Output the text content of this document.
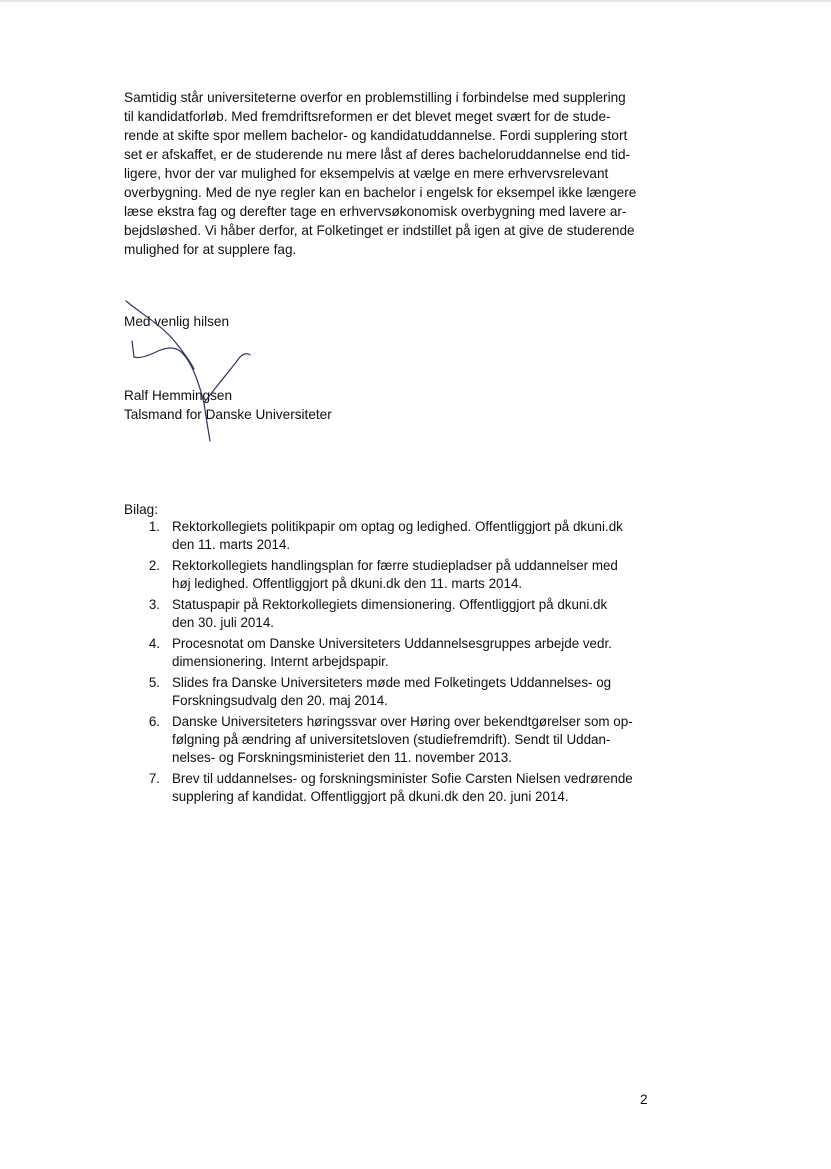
Samtidig står universiteterne overfor en problemstilling i forbindelse med supplering
til kandidatforløb. Med fremdriftsreformen er det blevet meget svært for de stude-
rende at skifte spor mellem bachelor- og kandidatuddannelse. Fordi supplering stort
set er afskaffet, er de studerende nu mere låst af deres bacheloruddannelse end tid-
ligere, hvor der var mulighed for eksempelvis at vælge en mere erhvervsrelevant
overbygning. Med de nye regler kan en bachelor i engelsk for eksempel ikke længere
læse ekstra fag og derefter tage en erhvervsøkonomisk overbygning med lavere ar-
bejdsløshed. Vi håber derfor, at Folketinget er indstillet på igen at give de studerende
mulighed for at supplere fag.

Med venlig hilsen

Ralf Hemmingsen
Talsmand for Danske Universiteter
Bilag:
1. Rektorkollegiets politikpapir om optag og ledighed. Offentliggjort på dkuni.dk
den 11. marts 2014.
2. Rektorkollegiets handlingsplan for færre studiepladser på uddannelser med
høj ledighed. Offentliggjort på dkuni.dk den 11. marts 2014.
3. Statuspapir på Rektorkollegiets dimensionering. Offentliggjort på dkuni.dk
den 30. juli 2014.
4. Procesnotat om Danske Universiteters Uddannelsesgruppes arbejde vedr.
dimensionering. Internt arbejdspapir.
5. Slides fra Danske Universiteters møde med Folketingets Uddannelses- og
Forskningsudvalg den 20. maj 2014.
6. Danske Universiteters høringssvar over Høring over bekendtgørelser som op-
følgning på ændring af universitetsloven (studiefremdrift). Sendt til Uddan-
nelses- og Forskningsministeriet den 11. november 2013.
7. Brev til uddannelses- og forskningsminister Sofie Carsten Nielsen vedrørende
supplering af kandidat. Offentliggjort på dkuni.dk den 20. juni 2014.
2
